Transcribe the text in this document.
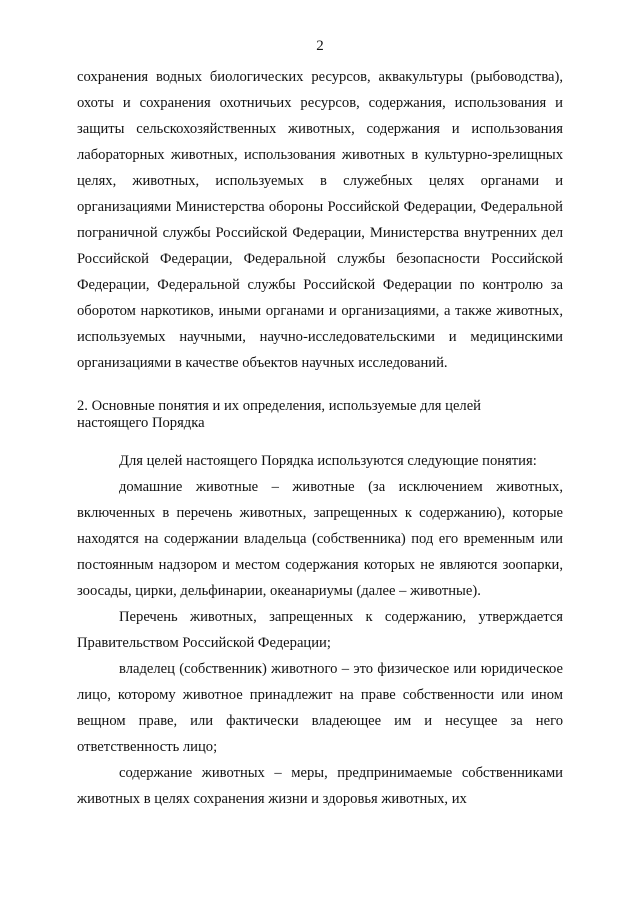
2

сохранения водных биологических ресурсов, аквакультуры (рыбоводства), охоты и сохранения охотничьих ресурсов, содержания, использования и защиты сельскохозяйственных животных, содержания и использования лабораторных животных, использования животных в культурно-зрелищных целях, животных, используемых в служебных целях органами и организациями Министерства обороны Российской Федерации, Федеральной пограничной службы Российской Федерации, Министерства внутренних дел Российской Федерации, Федеральной службы безопасности Российской Федерации, Федеральной службы Российской Федерации по контролю за оборотом наркотиков, иными органами и организациями, а также животных, используемых научными, научно-исследовательскими и медицинскими организациями в качестве объектов научных исследований.

2. Основные понятия и их определения, используемые для целей

настоящего Порядка

Для целей настоящего Порядка используются следующие понятия:

домашние животные – животные (за исключением животных, включенных в перечень животных, запрещенных к содержанию), которые находятся на содержании владельца (собственника) под его временным или постоянным надзором и местом содержания которых не являются зоопарки, зоосады, цирки, дельфинарии, океанариумы (далее – животные).

Перечень животных, запрещенных к содержанию, утверждается Правительством Российской Федерации;

владелец (собственник) животного – это физическое или юридическое лицо, которому животное принадлежит на праве собственности или ином вещном праве, или фактически владеющее им и несущее за него ответственность лицо;

содержание животных – меры, предпринимаемые собственниками животных в целях сохранения жизни и здоровья животных, их
